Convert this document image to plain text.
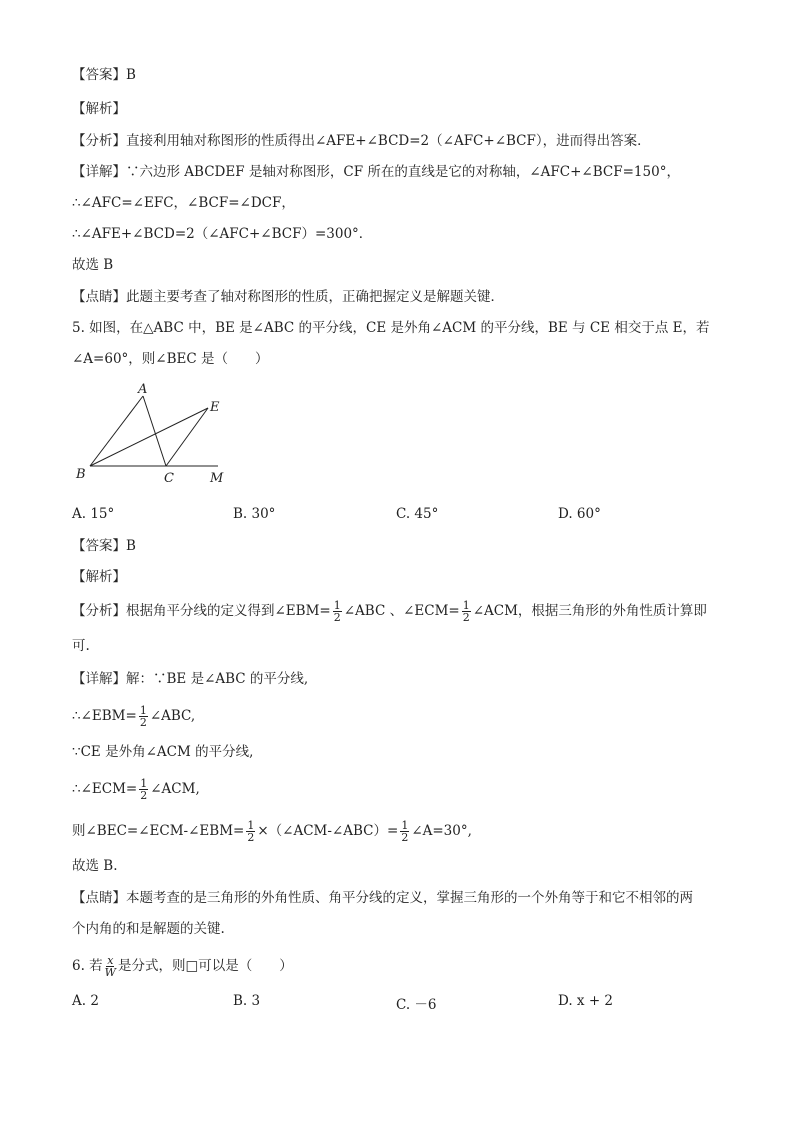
【答案】B
【解析】
【分析】直接利用轴对称图形的性质得出∠AFE+∠BCD=2（∠AFC+∠BCF），进而得出答案．
【详解】∵六边形 ABCDEF 是轴对称图形，CF 所在的直线是它的对称轴，∠AFC+∠BCF=150°，
∴∠AFC=∠EFC，∠BCF=∠DCF，
∴∠AFE+∠BCD=2（∠AFC+∠BCF）=300°．
故选 B
【点睛】此题主要考查了轴对称图形的性质，正确把握定义是解题关键．
5. 如图，在△ABC 中，BE 是∠ABC 的平分线，CE 是外角∠ACM 的平分线，BE 与 CE 相交于点 E，若
∠A=60°，则∠BEC 是（　　）
A
B	C
E
M
A. 15°	B. 30°	C. 45°	D. 60°
【答案】B
【解析】
【分析】根据角平分线的定义得到∠EBM= $\frac{1}{2}$ ∠ABC 、∠ECM= $\frac{1}{2}$ ∠ACM，根据三角形的外角性质计算即
可.
【详解】解：∵BE 是∠ABC 的平分线,
∴∠EBM= $\frac{1}{2}$ ∠ABC,
∵CE 是外角∠ACM 的平分线,
∴∠ECM= $\frac{1}{2}$ ∠ACM,
则∠BEC=∠ECM-∠EBM= $\frac{1}{2}$ ×（∠ACM-∠ABC）= $\frac{1}{2}$ ∠A=30°,
故选 B.
【点睛】本题考查的是三角形的外角性质、角平分线的定义，掌握三角形的一个外角等于和它不相邻的两
个内角的和是解题的关键.
6. 若 $\frac{x}{W}$ 是分式，则□可以是（　　）
A. 2	B. 3	C. －6	D. x + 2
